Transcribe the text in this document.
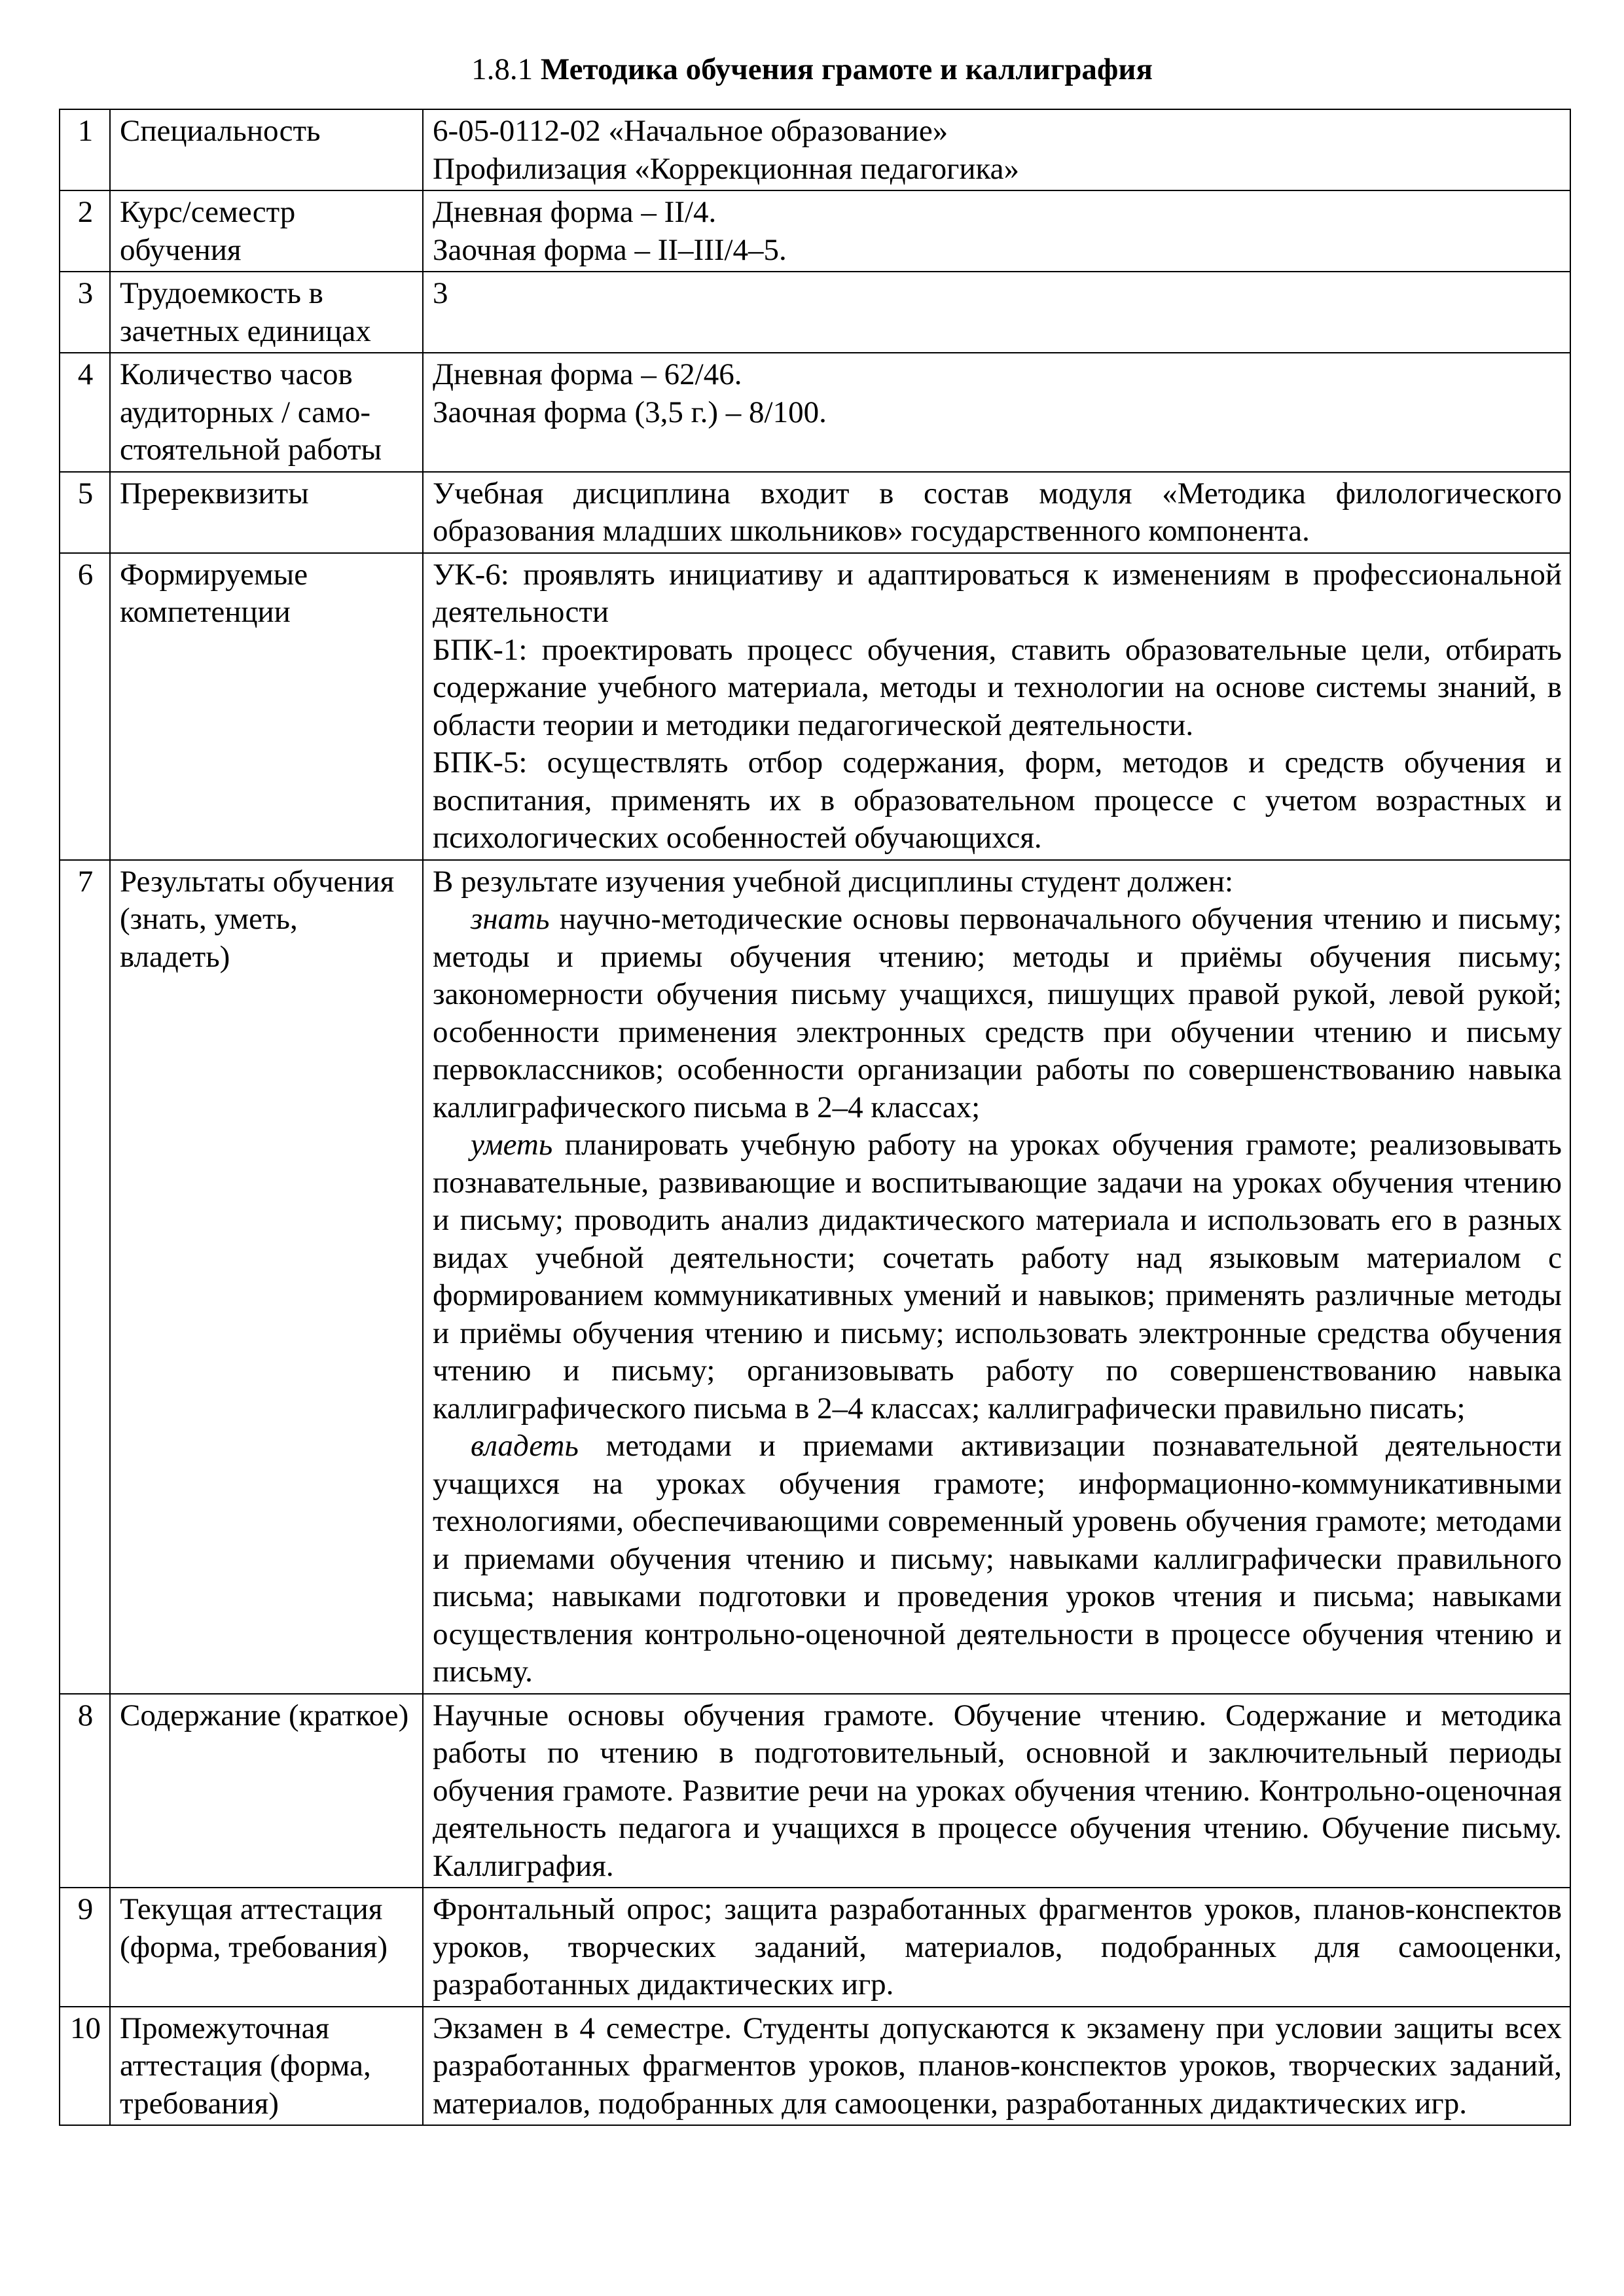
1.8.1 Методика обучения грамоте и каллиграфия
1	Специальность	6-05-0112-02 «Начальное образование»
Профилизация «Коррекционная педагогика»

2	Курс/семестр обучения	Дневная форма – II/4.
Заочная форма – II–III/4–5.

3	Трудоемкость в зачетных единицах	3

4	Количество часов аудиторных / само-стоятельной работы	Дневная форма – 62/46.
Заочная форма (3,5 г.) – 8/100.

5	Пререквизиты	Учебная дисциплина входит в состав модуля «Методика филологического образования младших школьников» государственного компонента.

6	Формируемые компетенции	УК-6: проявлять инициативу и адаптироваться к изменениям в профессиональной деятельности
БПК-1: проектировать процесс обучения, ставить образовательные цели, отбирать содержание учебного материала, методы и технологии на основе системы знаний, в области теории и методики педагогической деятельности.
БПК-5: осуществлять отбор содержания, форм, методов и средств обучения и воспитания, применять их в образовательном процессе с учетом возрастных и психологических особенностей обучающихся.

7	Результаты обучения (знать, уметь, владеть)	В результате изучения учебной дисциплины студент должен:
знать научно-методические основы первоначального обучения чтению и письму; методы и приемы обучения чтению; методы и приёмы обучения письму; закономерности обучения письму учащихся, пишущих правой рукой, левой рукой; особенности применения электронных средств при обучении чтению и письму первоклассников; особенности организации работы по совершенствованию навыка каллиграфического письма в 2–4 классах;
уметь планировать учебную работу на уроках обучения грамоте; реализовывать познавательные, развивающие и воспитывающие задачи на уроках обучения чтению и письму; проводить анализ дидактического материала и использовать его в разных видах учебной деятельности; сочетать работу над языковым материалом с формированием коммуникативных умений и навыков; применять различные методы и приёмы обучения чтению и письму; использовать электронные средства обучения чтению и письму; организовывать работу по совершенствованию навыка каллиграфического письма в 2–4 классах; каллиграфически правильно писать;
владеть методами и приемами активизации познавательной деятельности учащихся на уроках обучения грамоте; информационно-коммуникативными технологиями, обеспечивающими современный уровень обучения грамоте; методами и приемами обучения чтению и письму; навыками каллиграфически правильного письма; навыками подготовки и проведения уроков чтения и письма; навыками осуществления контрольно-оценочной деятельности в процессе обучения чтению и письму.

8	Содержание (краткое)	Научные основы обучения грамоте. Обучение чтению. Содержание и методика работы по чтению в подготовительный, основной и заключительный периоды обучения грамоте. Развитие речи на уроках обучения чтению. Контрольно-оценочная деятельность педагога и учащихся в процессе обучения чтению. Обучение письму. Каллиграфия.

9	Текущая аттестация (форма, требования)	Фронтальный опрос; защита разработанных фрагментов уроков, планов-конспектов уроков, творческих заданий, материалов, подобранных для самооценки, разработанных дидактических игр.

10	Промежуточная аттестация (форма, требования)	Экзамен в 4 семестре. Студенты допускаются к экзамену при условии защиты всех разработанных фрагментов уроков, планов-конспектов уроков, творческих заданий, материалов, подобранных для самооценки, разработанных дидактических игр.
